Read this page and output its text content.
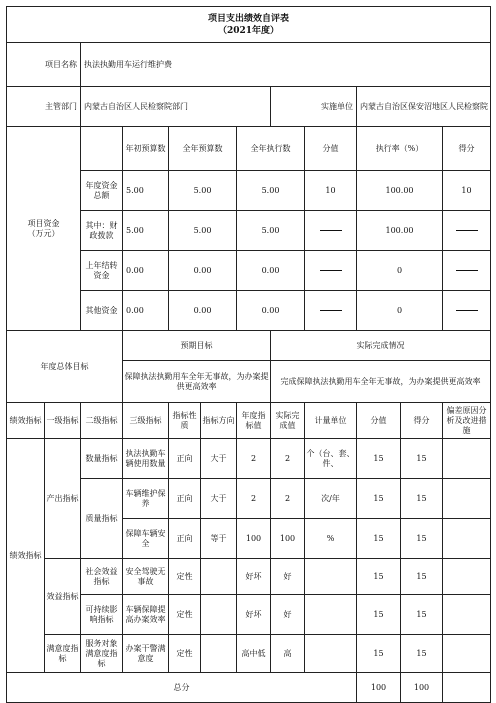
项目支出绩效自评表
（2021年度）											

项目名称		执法执勤用车运行维护费									
主管部门		内蒙古自治区人民检察院部门					实施单位		内蒙古自治区保安沼地区人民检察院		
项目资金
（万元）			年初预算数	全年预算数		全年执行数		分值	执行率（%）		得分
		年度资金总额	5.00	5.00		5.00		10	100.00		10
		其中：财政拨款	5.00	5.00		5.00			100.00		
		上年结转资金	0.00	0.00		0.00			0		
		其他资金	0.00	0.00		0.00			0		
年度总体目标			预期目标				实际完成情况				
			保障执法执勤用车全年无事故，为办案提供更高效率				完成保障执法执勤用车全年无事故，为办案提供更高效率				
绩效指标	一级指标	二级指标	三级指标	指标性质	指标方向	年度指标值	实际完成值	计量单位	分值	得分	偏差原因分析及改进措施
绩效指标	产出指标	数量指标	执法执勤车辆使用数量	正向	大于	2	2	个（台、套、件、	15	15	
		质量指标	车辆维护保养	正向	大于	2	2	次/年	15	15	
			保障车辆安全	正向	等于	100	100	%	15	15	
	效益指标	社会效益指标	安全驾驶无事故	定性		好坏	好		15	15	
		可持续影响指标	车辆保障提高办案效率	定性		好坏	好		15	15	
	满意度指标	服务对象满意度指标	办案干警满意度	定性		高中低	高		15	15	
总分									100	100	
